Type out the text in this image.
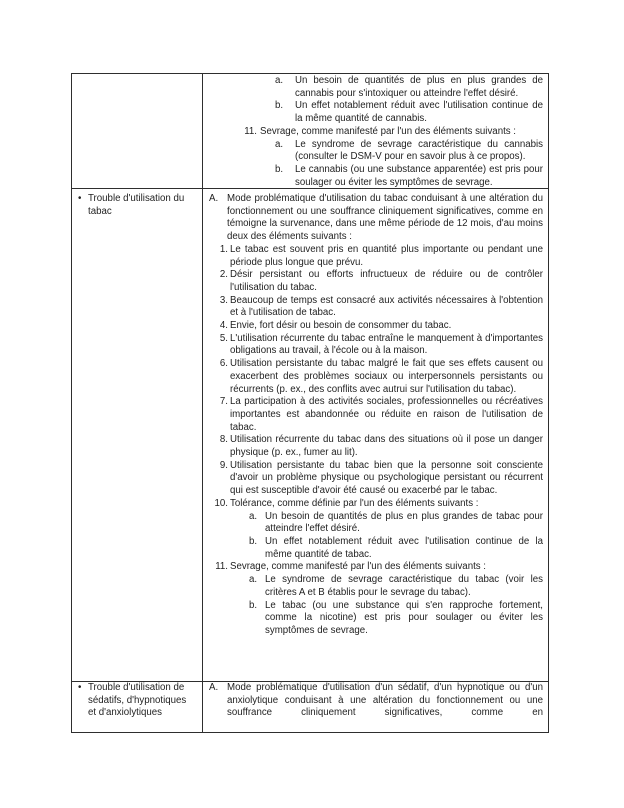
a.	Un besoin de quantités de plus en plus grandes de cannabis pour s'intoxiquer ou atteindre l'effet désiré.
b.	Un effet notablement réduit avec l'utilisation continue de la même quantité de cannabis.
11. Sevrage, comme manifesté par l'un des éléments suivants :
a.	Le syndrome de sevrage caractéristique du cannabis (consulter le DSM-V pour en savoir plus à ce propos).
b.	Le cannabis (ou une substance apparentée) est pris pour soulager ou éviter les symptômes de sevrage.
• Trouble d'utilisation du tabac
A. Mode problématique d'utilisation du tabac conduisant à une altération du fonctionnement ou une souffrance cliniquement significatives, comme en témoigne la survenance, dans une même période de 12 mois, d'au moins deux des éléments suivants :
1. Le tabac est souvent pris en quantité plus importante ou pendant une période plus longue que prévu.
2. Désir persistant ou efforts infructueux de réduire ou de contrôler l'utilisation du tabac.
3. Beaucoup de temps est consacré aux activités nécessaires à l'obtention et à l'utilisation de tabac.
4. Envie, fort désir ou besoin de consommer du tabac.
5. L'utilisation récurrente du tabac entraîne le manquement à d'importantes obligations au travail, à l'école ou à la maison.
6. Utilisation persistante du tabac malgré le fait que ses effets causent ou exacerbent des problèmes sociaux ou interpersonnels persistants ou récurrents (p. ex., des conflits avec autrui sur l'utilisation du tabac).
7. La participation à des activités sociales, professionnelles ou récréatives importantes est abandonnée ou réduite en raison de l'utilisation de tabac.
8. Utilisation récurrente du tabac dans des situations où il pose un danger physique (p. ex., fumer au lit).
9. Utilisation persistante du tabac bien que la personne soit consciente d'avoir un problème physique ou psychologique persistant ou récurrent qui est susceptible d'avoir été causé ou exacerbé par le tabac.
10. Tolérance, comme définie par l'un des éléments suivants :
a. Un besoin de quantités de plus en plus grandes de tabac pour atteindre l'effet désiré.
b. Un effet notablement réduit avec l'utilisation continue de la même quantité de tabac.
11. Sevrage, comme manifesté par l'un des éléments suivants :
a. Le syndrome de sevrage caractéristique du tabac (voir les critères A et B établis pour le sevrage du tabac).
b. Le tabac (ou une substance qui s'en rapproche fortement, comme la nicotine) est pris pour soulager ou éviter les symptômes de sevrage.
• Trouble d'utilisation de sédatifs, d'hypnotiques et d'anxiolytiques
A. Mode problématique d'utilisation d'un sédatif, d'un hypnotique ou d'un anxiolytique conduisant à une altération du fonctionnement ou une souffrance cliniquement significatives, comme en
